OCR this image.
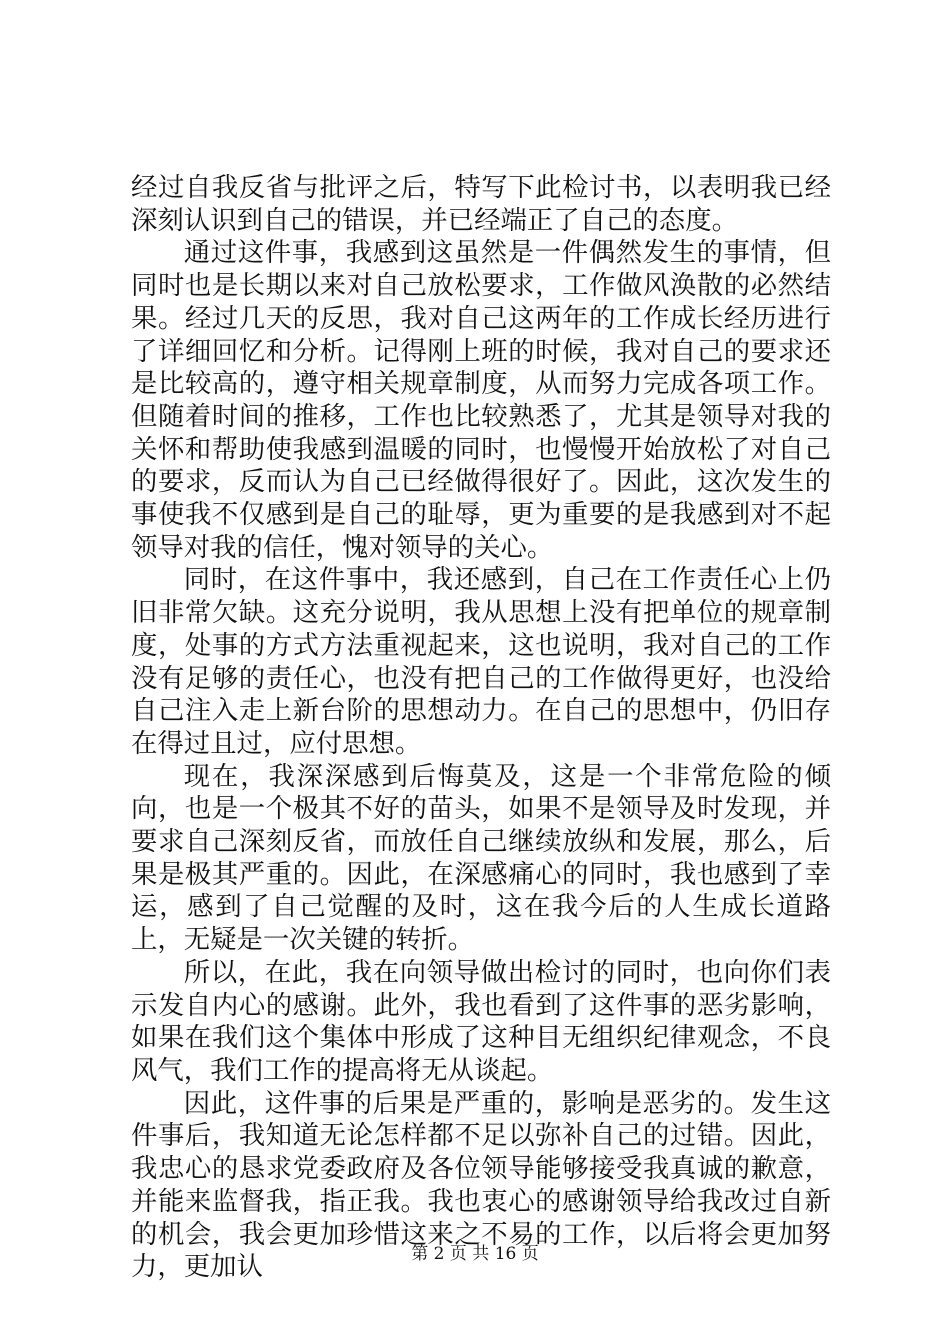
经过自我反省与批评之后，特写下此检讨书，以表明我已经深刻认识到自己的错误，并已经端正了自己的态度。

通过这件事，我感到这虽然是一件偶然发生的事情，但同时也是长期以来对自己放松要求，工作做风涣散的必然结果。经过几天的反思，我对自己这两年的工作成长经历进行了详细回忆和分析。记得刚上班的时候，我对自己的要求还是比较高的，遵守相关规章制度，从而努力完成各项工作。但随着时间的推移，工作也比较熟悉了，尤其是领导对我的关怀和帮助使我感到温暖的同时，也慢慢开始放松了对自己的要求，反而认为自己已经做得很好了。因此，这次发生的事使我不仅感到是自己的耻辱，更为重要的是我感到对不起领导对我的信任，愧对领导的关心。

同时，在这件事中，我还感到，自己在工作责任心上仍旧非常欠缺。这充分说明，我从思想上没有把单位的规章制度，处事的方式方法重视起来，这也说明，我对自己的工作没有足够的责任心，也没有把自己的工作做得更好，也没给自己注入走上新台阶的思想动力。在自己的思想中，仍旧存在得过且过，应付思想。

现在，我深深感到后悔莫及，这是一个非常危险的倾向，也是一个极其不好的苗头，如果不是领导及时发现，并要求自己深刻反省，而放任自己继续放纵和发展，那么，后果是极其严重的。因此，在深感痛心的同时，我也感到了幸运，感到了自己觉醒的及时，这在我今后的人生成长道路上，无疑是一次关键的转折。

所以，在此，我在向领导做出检讨的同时，也向你们表示发自内心的感谢。此外，我也看到了这件事的恶劣影响，如果在我们这个集体中形成了这种目无组织纪律观念，不良风气，我们工作的提高将无从谈起。

因此，这件事的后果是严重的，影响是恶劣的。发生这件事后，我知道无论怎样都不足以弥补自己的过错。因此，我忠心的恳求党委政府及各位领导能够接受我真诚的歉意，并能来监督我，指正我。我也衷心的感谢领导给我改过自新的机会，我会更加珍惜这来之不易的工作，以后将会更加努力，更加认	第 2 页 共 16 页
